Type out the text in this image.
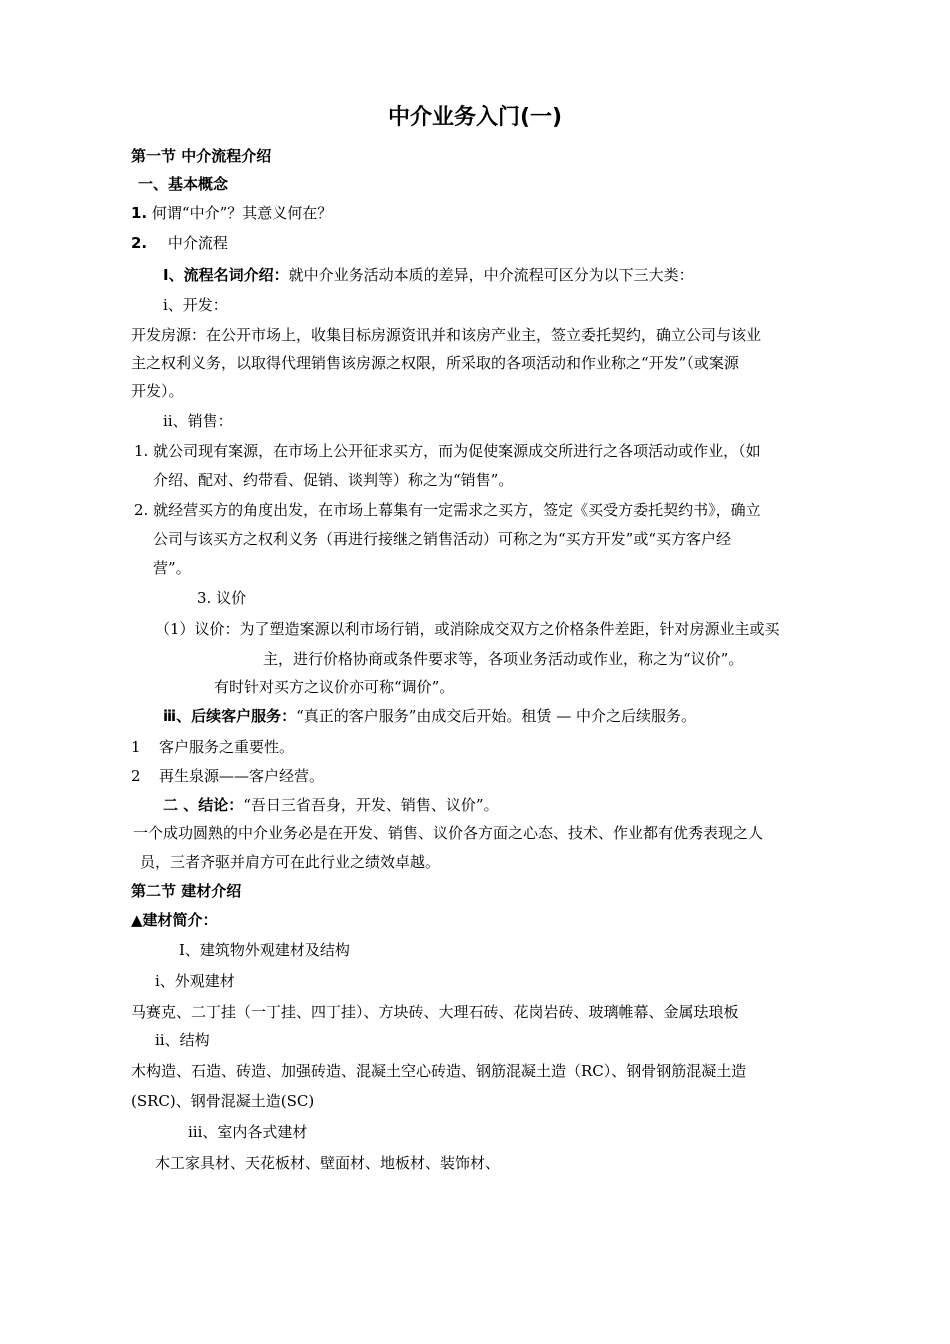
中介业务入门(一)
第一节 中介流程介绍
一、基本概念
1. 何谓“中介”？其意义何在？
2. 中介流程
Ⅰ、流程名词介绍：就中介业务活动本质的差异，中介流程可区分为以下三大类：
ⅰ、开发：
开发房源：在公开市场上，收集目标房源资讯并和该房产业主，签立委托契约，确立公司与该业
主之权利义务，以取得代理销售该房源之权限，所采取的各项活动和作业称之“开发”（或案源
开发）。
ⅱ、销售：
1. 就公司现有案源，在市场上公开征求买方，而为促使案源成交所进行之各项活动或作业，（如
介绍、配对、约带看、促销、谈判等）称之为“销售”。
2. 就经营买方的角度出发，在市场上幕集有一定需求之买方，签定《买受方委托契约书》，确立
公司与该买方之权利义务（再进行接继之销售活动）可称之为“买方开发”或“买方客户经
营”。
3. 议价
（1）议价：为了塑造案源以利市场行销，或消除成交双方之价格条件差距，针对房源业主或买
主，进行价格协商或条件要求等，各项业务活动或作业，称之为“议价”。
有时针对买方之议价亦可称“调价”。
ⅲ、后续客户服务：“真正的客户服务”由成交后开始。租赁 — 中介之后续服务。
1 客户服务之重要性。
2 再生泉源——客户经营。
二 、结论：“吾日三省吾身，开发、销售、议价”。
一个成功圆熟的中介业务必是在开发、销售、议价各方面之心态、技术、作业都有优秀表现之人
员，三者齐驱并肩方可在此行业之绩效卓越。
第二节 建材介绍
▲建材简介：
Ⅰ、建筑物外观建材及结构
ⅰ、外观建材
马赛克、二丁挂（一丁挂、四丁挂）、方块砖、大理石砖、花岗岩砖、玻璃帷幕、金属珐琅板
ⅱ、结构
木构造、石造、砖造、加强砖造、混凝土空心砖造、钢筋混凝土造（RC）、钢骨钢筋混凝土造
(SRC)、钢骨混凝土造(SC)
ⅲ、室内各式建材
木工家具材、天花板材、壁面材、地板材、装饰材、
